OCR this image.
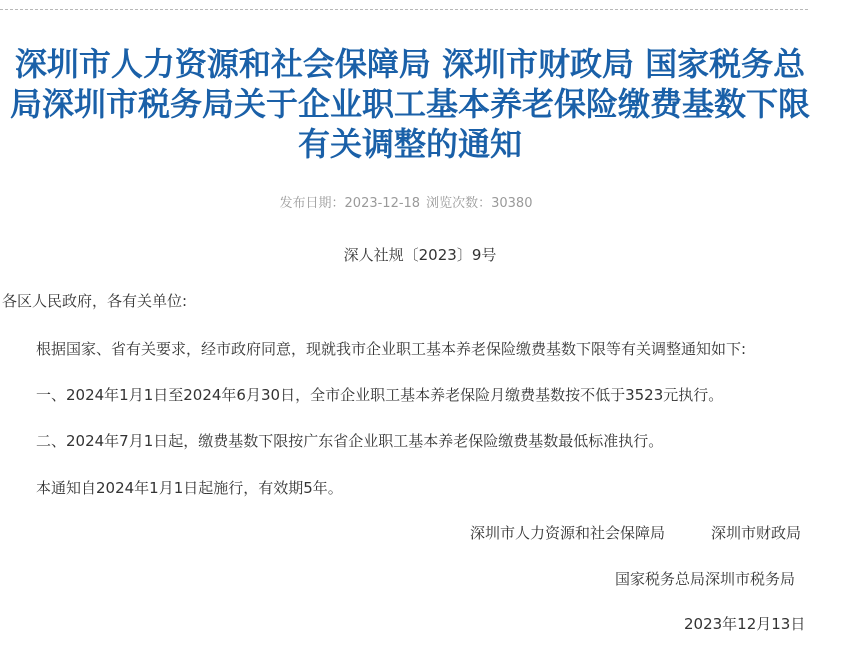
深圳市人力资源和社会保障局 深圳市财政局 国家税务总
局深圳市税务局关于企业职工基本养老保险缴费基数下限
有关调整的通知
发布日期：2023-12-18 浏览次数：30380
深人社规〔2023〕9号
各区人民政府，各有关单位:
根据国家、省有关要求，经市政府同意，现就我市企业职工基本养老保险缴费基数下限等有关调整通知如下:
一、2024年1月1日至2024年6月30日，全市企业职工基本养老保险月缴费基数按不低于3523元执行。
二、2024年7月1日起，缴费基数下限按广东省企业职工基本养老保险缴费基数最低标准执行。
本通知自2024年1月1日起施行，有效期5年。
深圳市人力资源和社会保障局	深圳市财政局
国家税务总局深圳市税务局
2023年12月13日
